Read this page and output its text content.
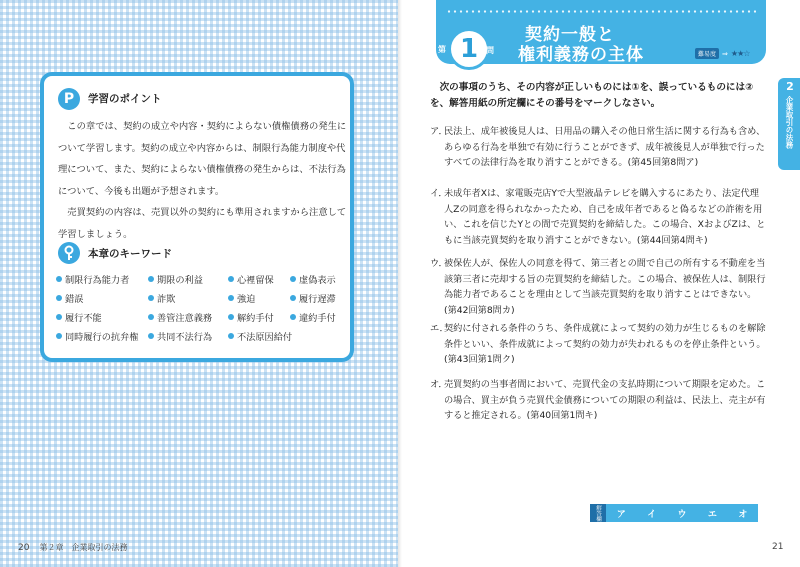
P	学習のポイント

この章では、契約の成立や内容・契約によらない債権債務の発生について学習します。契約の成立や内容からは、制限行為能力制度や代理について、また、契約によらない債権債務の発生からは、不法行為について、今後も出題が予想されます。

売買契約の内容は、売買以外の契約にも準用されますから注意して学習しましょう。

本章のキーワード
制限行為能力者	期限の利益	心裡留保	虚偽表示
錯誤	詐欺	強迫	履行遅滞
履行不能	善管注意義務	解約手付	違約手付
同時履行の抗弁権 共同不法行為	不法原因給付
20 第２章　企業取引の法務
第 1 問
契約一般と
権利義務の主体	難易度 ⇒ ★★☆
2
企業取引の法務
次の事項のうち、その内容が正しいものには①を、誤っているものには②を、解答用紙の所定欄にその番号をマークしなさい。
ア．
民法上、成年被後見人は、日用品の購入その他日常生活に関する行為も含め、あらゆる行為を単独で有効に行うことができず、成年被後見人が単独で行ったすべての法律行為を取り消すことができる。(第45回第8問ア)
イ．
未成年者Xは、家電販売店Yで大型液晶テレビを購入するにあたり、法定代理人Zの同意を得られなかったため、自己を成年者であると偽るなどの詐術を用い、これを信じたYとの間で売買契約を締結した。この場合、XおよびZは、ともに当該売買契約を取り消すことができない。(第44回第4問キ)
ウ．
被保佐人が、保佐人の同意を得て、第三者との間で自己の所有する不動産を当該第三者に売却する旨の売買契約を締結した。この場合、被保佐人は、制限行為能力者であることを理由として当該売買契約を取り消すことはできない。(第42回第8問カ)
エ．
契約に付される条件のうち、条件成就によって契約の効力が生じるものを解除条件といい、条件成就によって契約の効力が失われるものを停止条件という。(第43回第1問ク)
オ．
売買契約の当事者間において、売買代金の支払時期について期限を定めた。この場合、買主が負う売買代金債務についての期限の利益は、民法上、売主が有すると推定される。(第40回第1問キ)
解答欄	ア	イ	ウ	エ	オ
21
